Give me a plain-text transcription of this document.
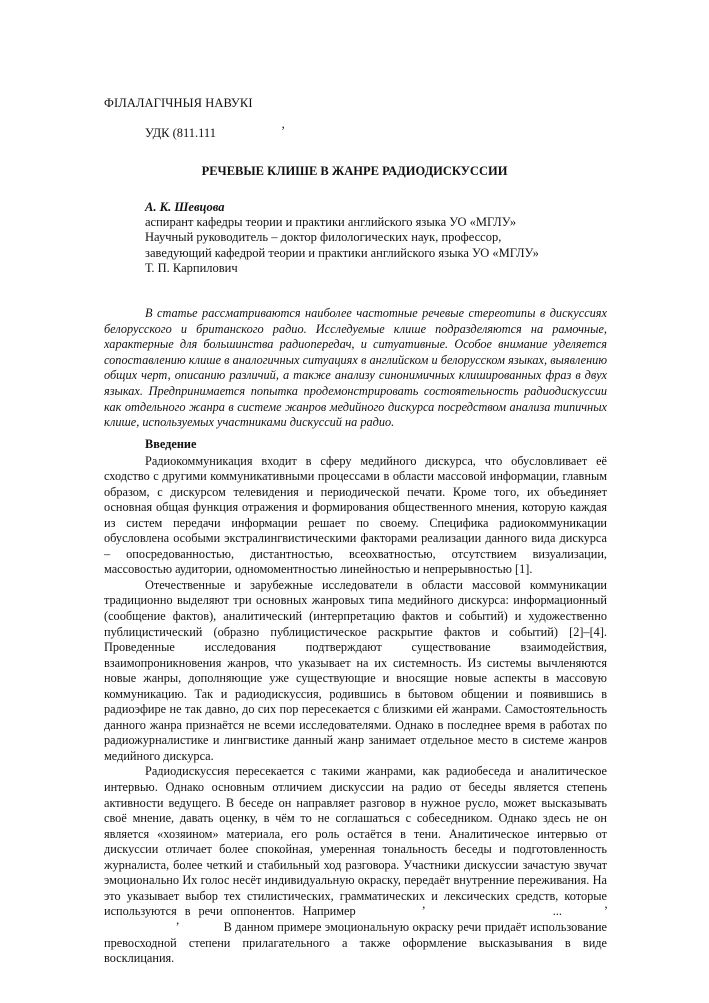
ФІЛАЛАГІЧНЫЯ НАВУКІ
УДК (811.111	’
РЕЧЕВЫЕ КЛИШЕ В ЖАНРЕ РАДИОДИСКУССИИ
А. К. Шевцова
аспирант кафедры теории и практики английского языка УО «МГЛУ»
Научный руководитель – доктор филологических наук, профессор,
заведующий кафедрой теории и практики английского языка УО «МГЛУ»
Т. П. Карпилович

В статье рассматриваются наиболее частотные речевые стереотипы в дискуссиях белорусского и британского радио. Исследуемые клише подразделяются на рамочные, характерные для большинства радиопередач, и ситуативные. Особое внимание уделяется сопоставлению клише в аналогичных ситуациях в английском и белорусском языках, выявлению общих черт, описанию различий, а также анализу синонимичных клишированных фраз в двух языках. Предпринимается попытка продемонстрировать состоятельность радиодискуссии как отдельного жанра в системе жанров медийного дискурса посредством анализа типичных клише, используемых участниками дискуссий на радио.

Введение

Радиокоммуникация входит в сферу медийного дискурса, что обусловливает её сходство с другими коммуникативными процессами в области массовой информации, главным образом, с дискурсом телевидения и периодической печати. Кроме того, их объединяет основная общая функция отражения и формирования общественного мнения, которую каждая из систем передачи информации решает по своему. Специфика радиокоммуникации обусловлена особыми экстралингвистическими факторами реализации данного вида дискурса – опосредованностью, дистантностью, всеохватностью, отсутствием визуализации, массовостью аудитории, одномоментностью линейностью и непрерывностью [1].

Отечественные и зарубежные исследователи в области массовой коммуникации традиционно выделяют три основных жанровых типа медийного дискурса: информационный (сообщение фактов), аналитический (интерпретацию фактов и событий) и художественно публицистический (образно публицистическое раскрытие фактов и событий) [2]–[4]. Проведенные исследования подтверждают существование взаимодействия, взаимопроникновения жанров, что указывает на их системность. Из системы вычленяются новые жанры, дополняющие уже существующие и вносящие новые аспекты в массовую коммуникацию. Так и радиодискуссия, родившись в бытовом общении и появившись в радиоэфире не так давно, до сих пор пересекается с близкими ей жанрами. Самостоятельность данного жанра признаётся не всеми исследователями. Однако в последнее время в работах по радиожурналистике и лингвистике данный жанр занимает отдельное место в системе жанров медийного дискурса.

Радиодискуссия пересекается с такими жанрами, как радиобеседа и аналитическое интервью. Однако основным отличием дискуссии на радио от беседы является степень активности ведущего. В беседе он направляет разговор в нужное русло, может высказывать своё мнение, давать оценку, в чём то не соглашаться с собеседником. Однако здесь не он является «хозяином» материала, его роль остаётся в тени. Аналитическое интервью от дискуссии отличает более спокойная, умеренная тональность беседы и подготовленность журналиста, более четкий и стабильный ход разговора. Участники дискуссии зачастую звучат эмоционально Их голос несёт индивидуальную окраску, передаёт внутренние переживания. На это указывает выбор тех стилистических, грамматических и лексических средств, которые используются в речи оппонентов. Например	’	...	’  ’	В данном примере эмоциональную окраску речи придаёт использование превосходной степени прилагательного а также оформление высказывания в виде восклицания.
